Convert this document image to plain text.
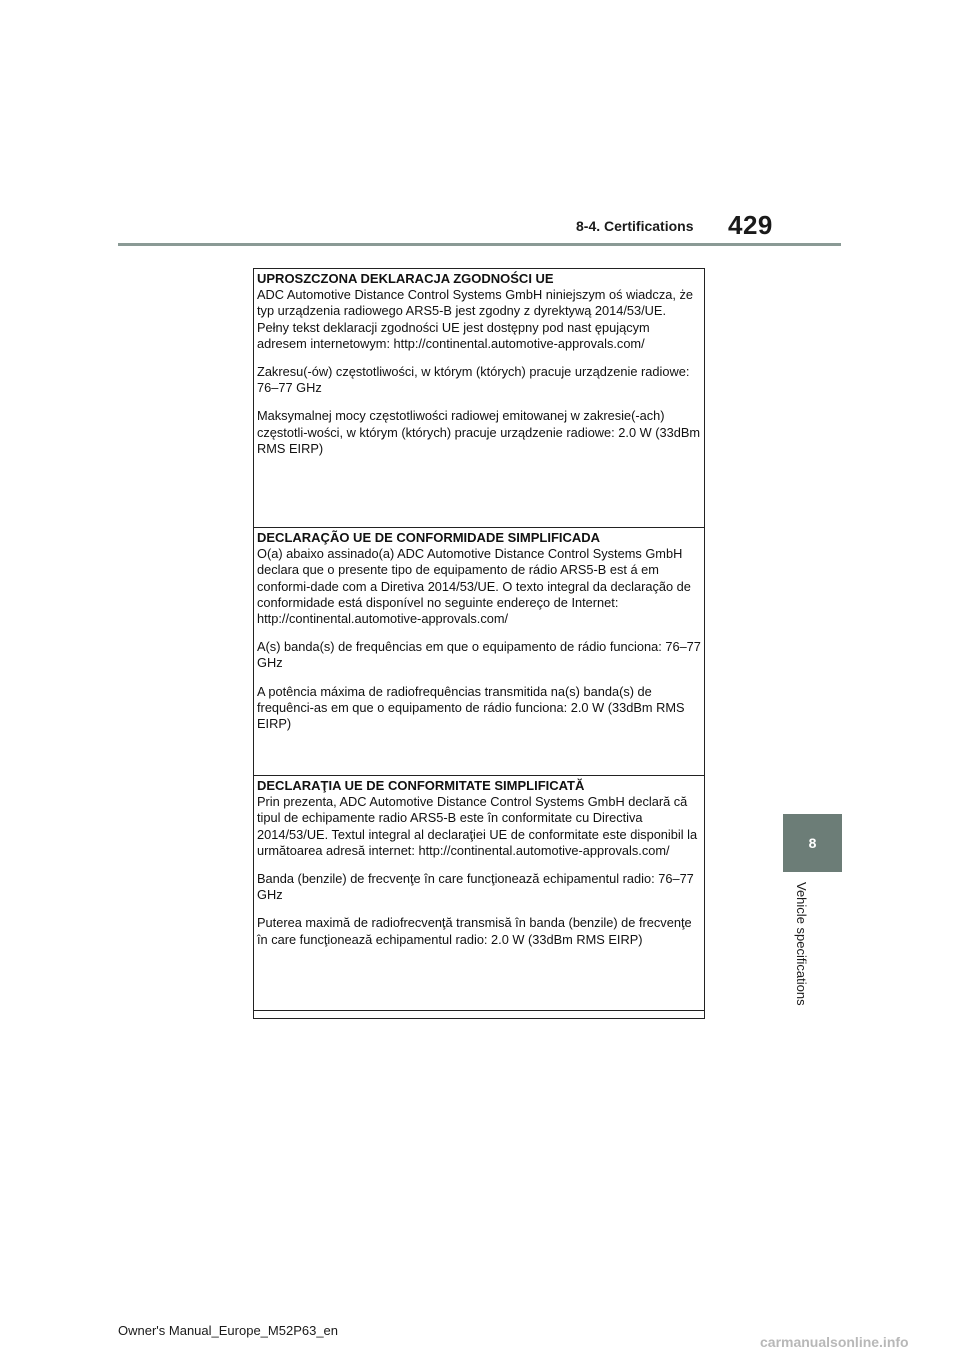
8-4. Certifications 429
8
Vehicle specifications

UPROSZCZONA DEKLARACJA ZGODNOŚCI UE

ADC Automotive Distance Control Systems GmbH niniejszym oś wiadcza, że typ urządzenia radiowego ARS5-B jest zgodny z dyrektywą 2014/53/UE. Pełny tekst deklaracji zgodności UE jest dostępny pod nast ępującym adresem internetowym: http://continental.automotive-approvals.com/

Zakresu(-ów) częstotliwości, w którym (których) pracuje urządzenie radiowe: 76–77 GHz

Maksymalnej mocy częstotliwości radiowej emitowanej w zakresie(-ach) częstotli-wości, w którym (których) pracuje urządzenie radiowe: 2.0 W (33dBm RMS EIRP)

DECLARAÇÃO UE DE CONFORMIDADE SIMPLIFICADA

O(a) abaixo assinado(a) ADC Automotive Distance Control Systems GmbH declara que o presente tipo de equipamento de rádio ARS5-B est á em conformi-dade com a Diretiva 2014/53/UE. O texto integral da declaração de conformidade está disponível no seguinte endereço de Internet: http://continental.automotive-approvals.com/

A(s) banda(s) de frequências em que o equipamento de rádio funciona: 76–77 GHz

A potência máxima de radiofrequências transmitida na(s) banda(s) de frequênci-as em que o equipamento de rádio funciona: 2.0 W (33dBm RMS EIRP)

DECLARAŢIA UE DE CONFORMITATE SIMPLIFICATĂ

Prin prezenta, ADC Automotive Distance Control Systems GmbH declară că tipul de echipamente radio ARS5-B este în conformitate cu Directiva 2014/53/UE. Textul integral al declaraţiei UE de conformitate este disponibil la următoarea adresă internet: http://continental.automotive-approvals.com/

Banda (benzile) de frecvenţe în care funcţionează echipamentul radio: 76–77 GHz

Puterea maximă de radiofrecvenţă transmisă în banda (benzile) de frecvenţe în care funcţionează echipamentul radio: 2.0 W (33dBm RMS EIRP)

Owner's Manual_Europe_M52P63_en
carmanualsonline.info
